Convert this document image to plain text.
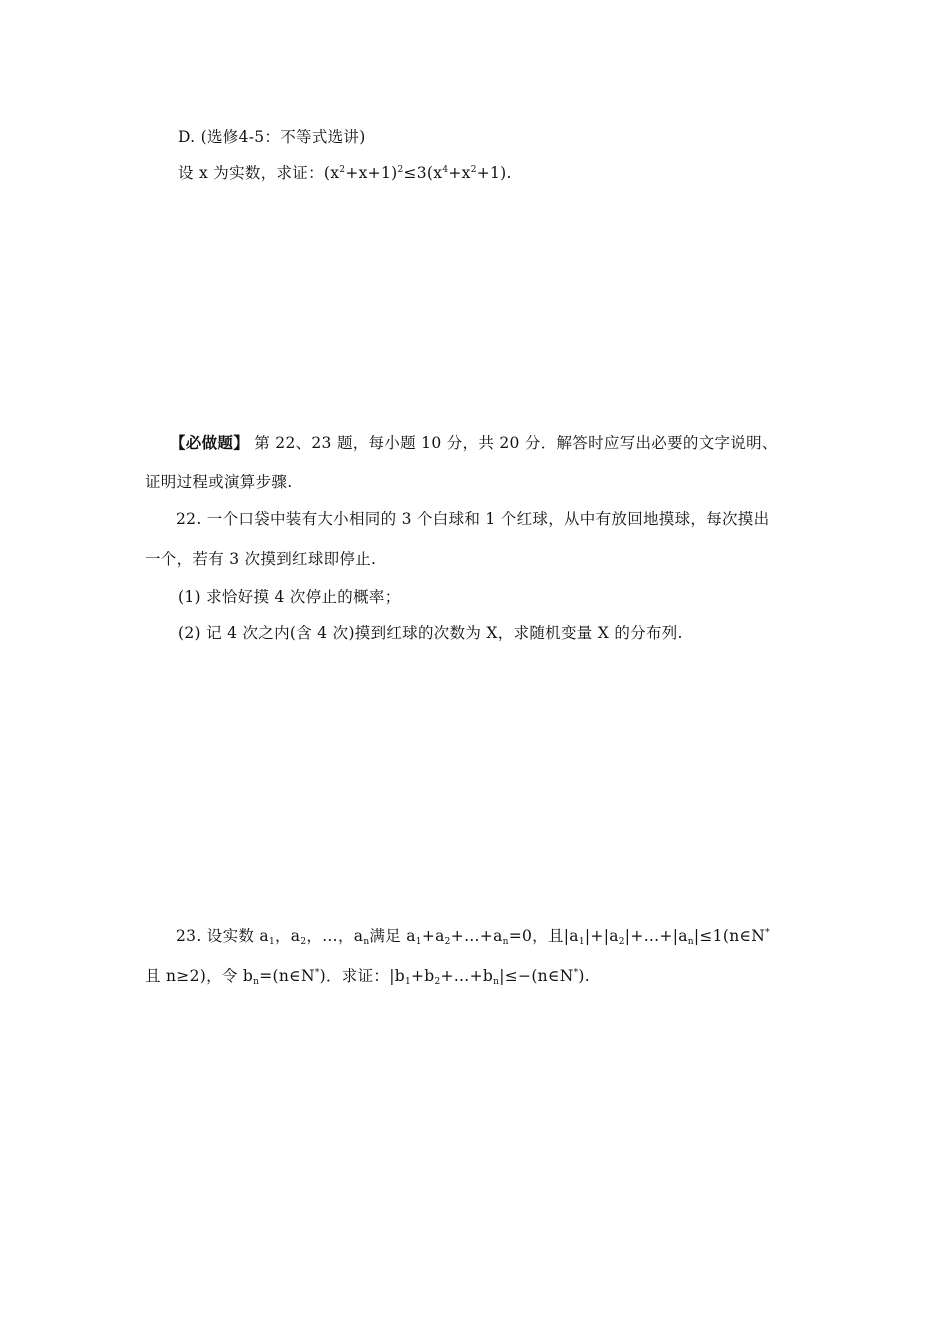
D. (选修4-5：不等式选讲)
设 x 为实数，求证：$(x^2+x+1)^2\le 3(x^4+x^2+1)$.
【必做题】 第 22、23 题，每小题 10 分，共 20 分．解答时应写出必要的文字说明、
证明过程或演算步骤.
22. 一个口袋中装有大小相同的 3 个白球和 1 个红球，从中有放回地摸球，每次摸出
一个，若有 3 次摸到红球即停止.
(1) 求恰好摸 4 次停止的概率；
(2) 记 4 次之内(含 4 次)摸到红球的次数为 X，求随机变量 X 的分布列.
23. 设实数 $a_1$，$a_2$，…，$a_n$满足 $a_1+a_2+\dots+a_n=0$，且$|a_1|+|a_2|+\dots+|a_n|\le 1(n\in N^*$
且 n≥2)，令 $b_n=(n\in N^*)$．求证：$|b_1+b_2+\dots+b_n|\le-(n\in N^*)$.
